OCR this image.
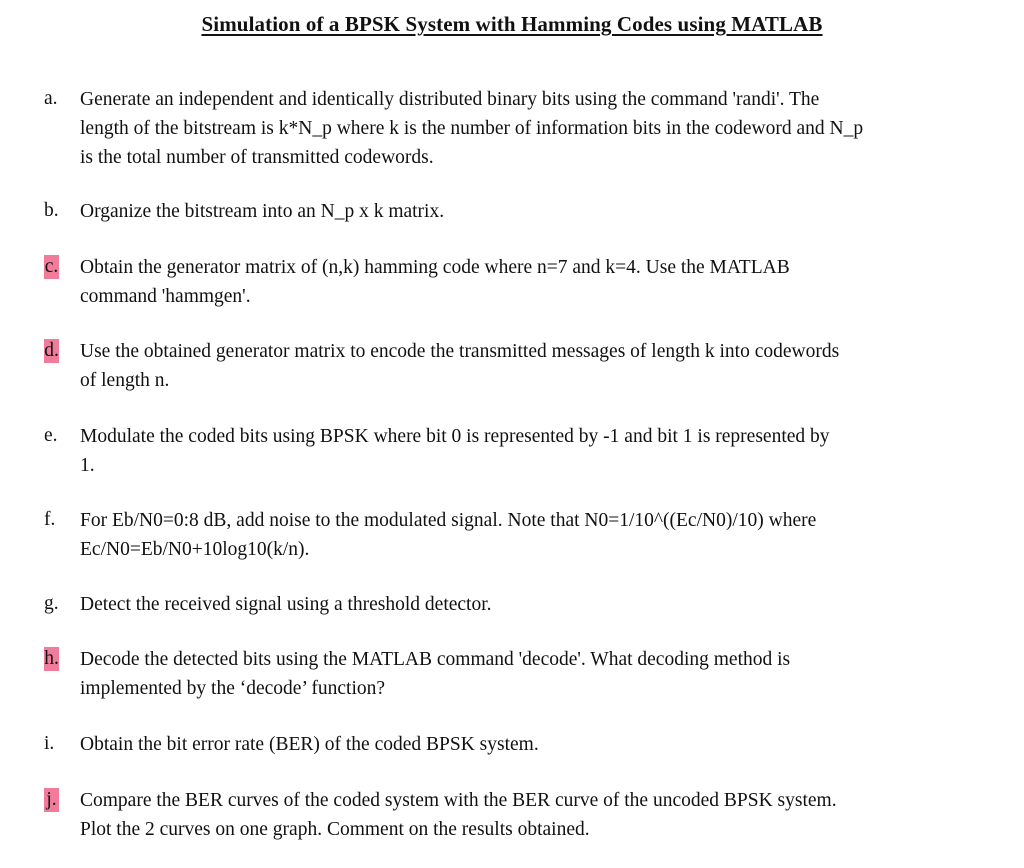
Simulation of a BPSK System with Hamming Codes using MATLAB
a.	Generate an independent and identically distributed binary bits using the command 'randi'. The
length of the bitstream is k*N_p where k is the number of information bits in the codeword and N_p
is the total number of transmitted codewords.
b.	Organize the bitstream into an N_p x k matrix.
c. Obtain the generator matrix of (n,k) hamming code where n=7 and k=4. Use the MATLAB
command 'hammgen'.
d. Use the obtained generator matrix to encode the transmitted messages of length k into codewords
of length n.
e.	Modulate the coded bits using BPSK where bit 0 is represented by -1 and bit 1 is represented by
1.
f.	For Eb/N0=0:8 dB, add noise to the modulated signal. Note that N0=1/10^((Ec/N0)/10) where
Ec/N0=Eb/N0+10log10(k/n).
g.	Detect the received signal using a threshold detector.
h. Decode the detected bits using the MATLAB command 'decode'. What decoding method is
implemented by the ‘decode’ function?
i.	Obtain the bit error rate (BER) of the coded BPSK system.
j. Compare the BER curves of the coded system with the BER curve of the uncoded BPSK system.
Plot the 2 curves on one graph. Comment on the results obtained.
